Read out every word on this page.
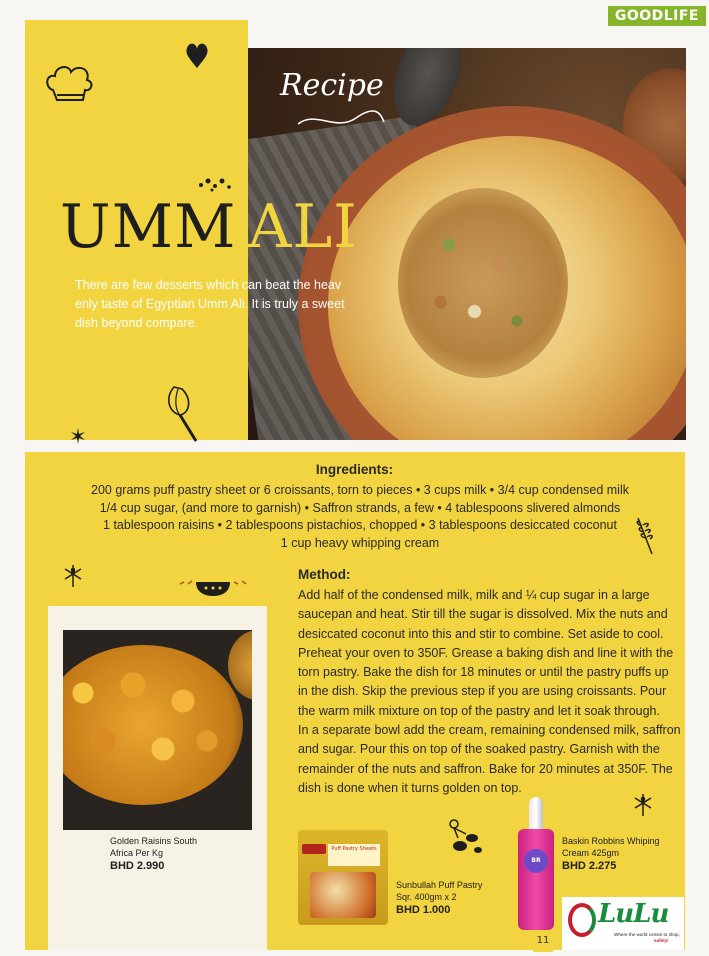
GOODLIFE
Recipe
UMM ALI
There are few desserts which can beat the heav
enly taste of Egyptian Umm Ali. It is truly a sweet
dish beyond compare.
Ingredients:
200 grams puff pastry sheet or 6 croissants, torn to pieces • 3 cups milk • 3/4 cup condensed milk
1/4 cup sugar, (and more to garnish) • Saffron strands, a few • 4 tablespoons slivered almonds
1 tablespoon raisins • 2 tablespoons pistachios, chopped • 3 tablespoons desiccated coconut
1 cup heavy whipping cream
Method:
Add half of the condensed milk, milk and ¼ cup sugar in a large
saucepan and heat. Stir till the sugar is dissolved. Mix the nuts and
desiccated coconut into this and stir to combine. Set aside to cool.
Preheat your oven to 350F. Grease a baking dish and line it with the
torn pastry. Bake the dish for 18 minutes or until the pastry puffs up
in the dish. Skip the previous step if you are using croissants. Pour
the warm milk mixture on top of the pastry and let it soak through.
In a separate bowl add the cream, remaining condensed milk, saffron
and sugar. Pour this on top of the soaked pastry. Garnish with the
remainder of the nuts and saffron. Bake for 20 minutes at 350F. The
dish is done when it turns golden on top.
Golden Raisins South
Africa Per Kg
BHD 2.990
Puff Pastry Sheets
Sunbullah Puff Pastry
Sqr. 400gm x 2
BHD 1.000
BR
Baskin Robbins Whiping
Cream 425gm
BHD 2.275
11
LuLu
Where the world comes to shop,
safely!
